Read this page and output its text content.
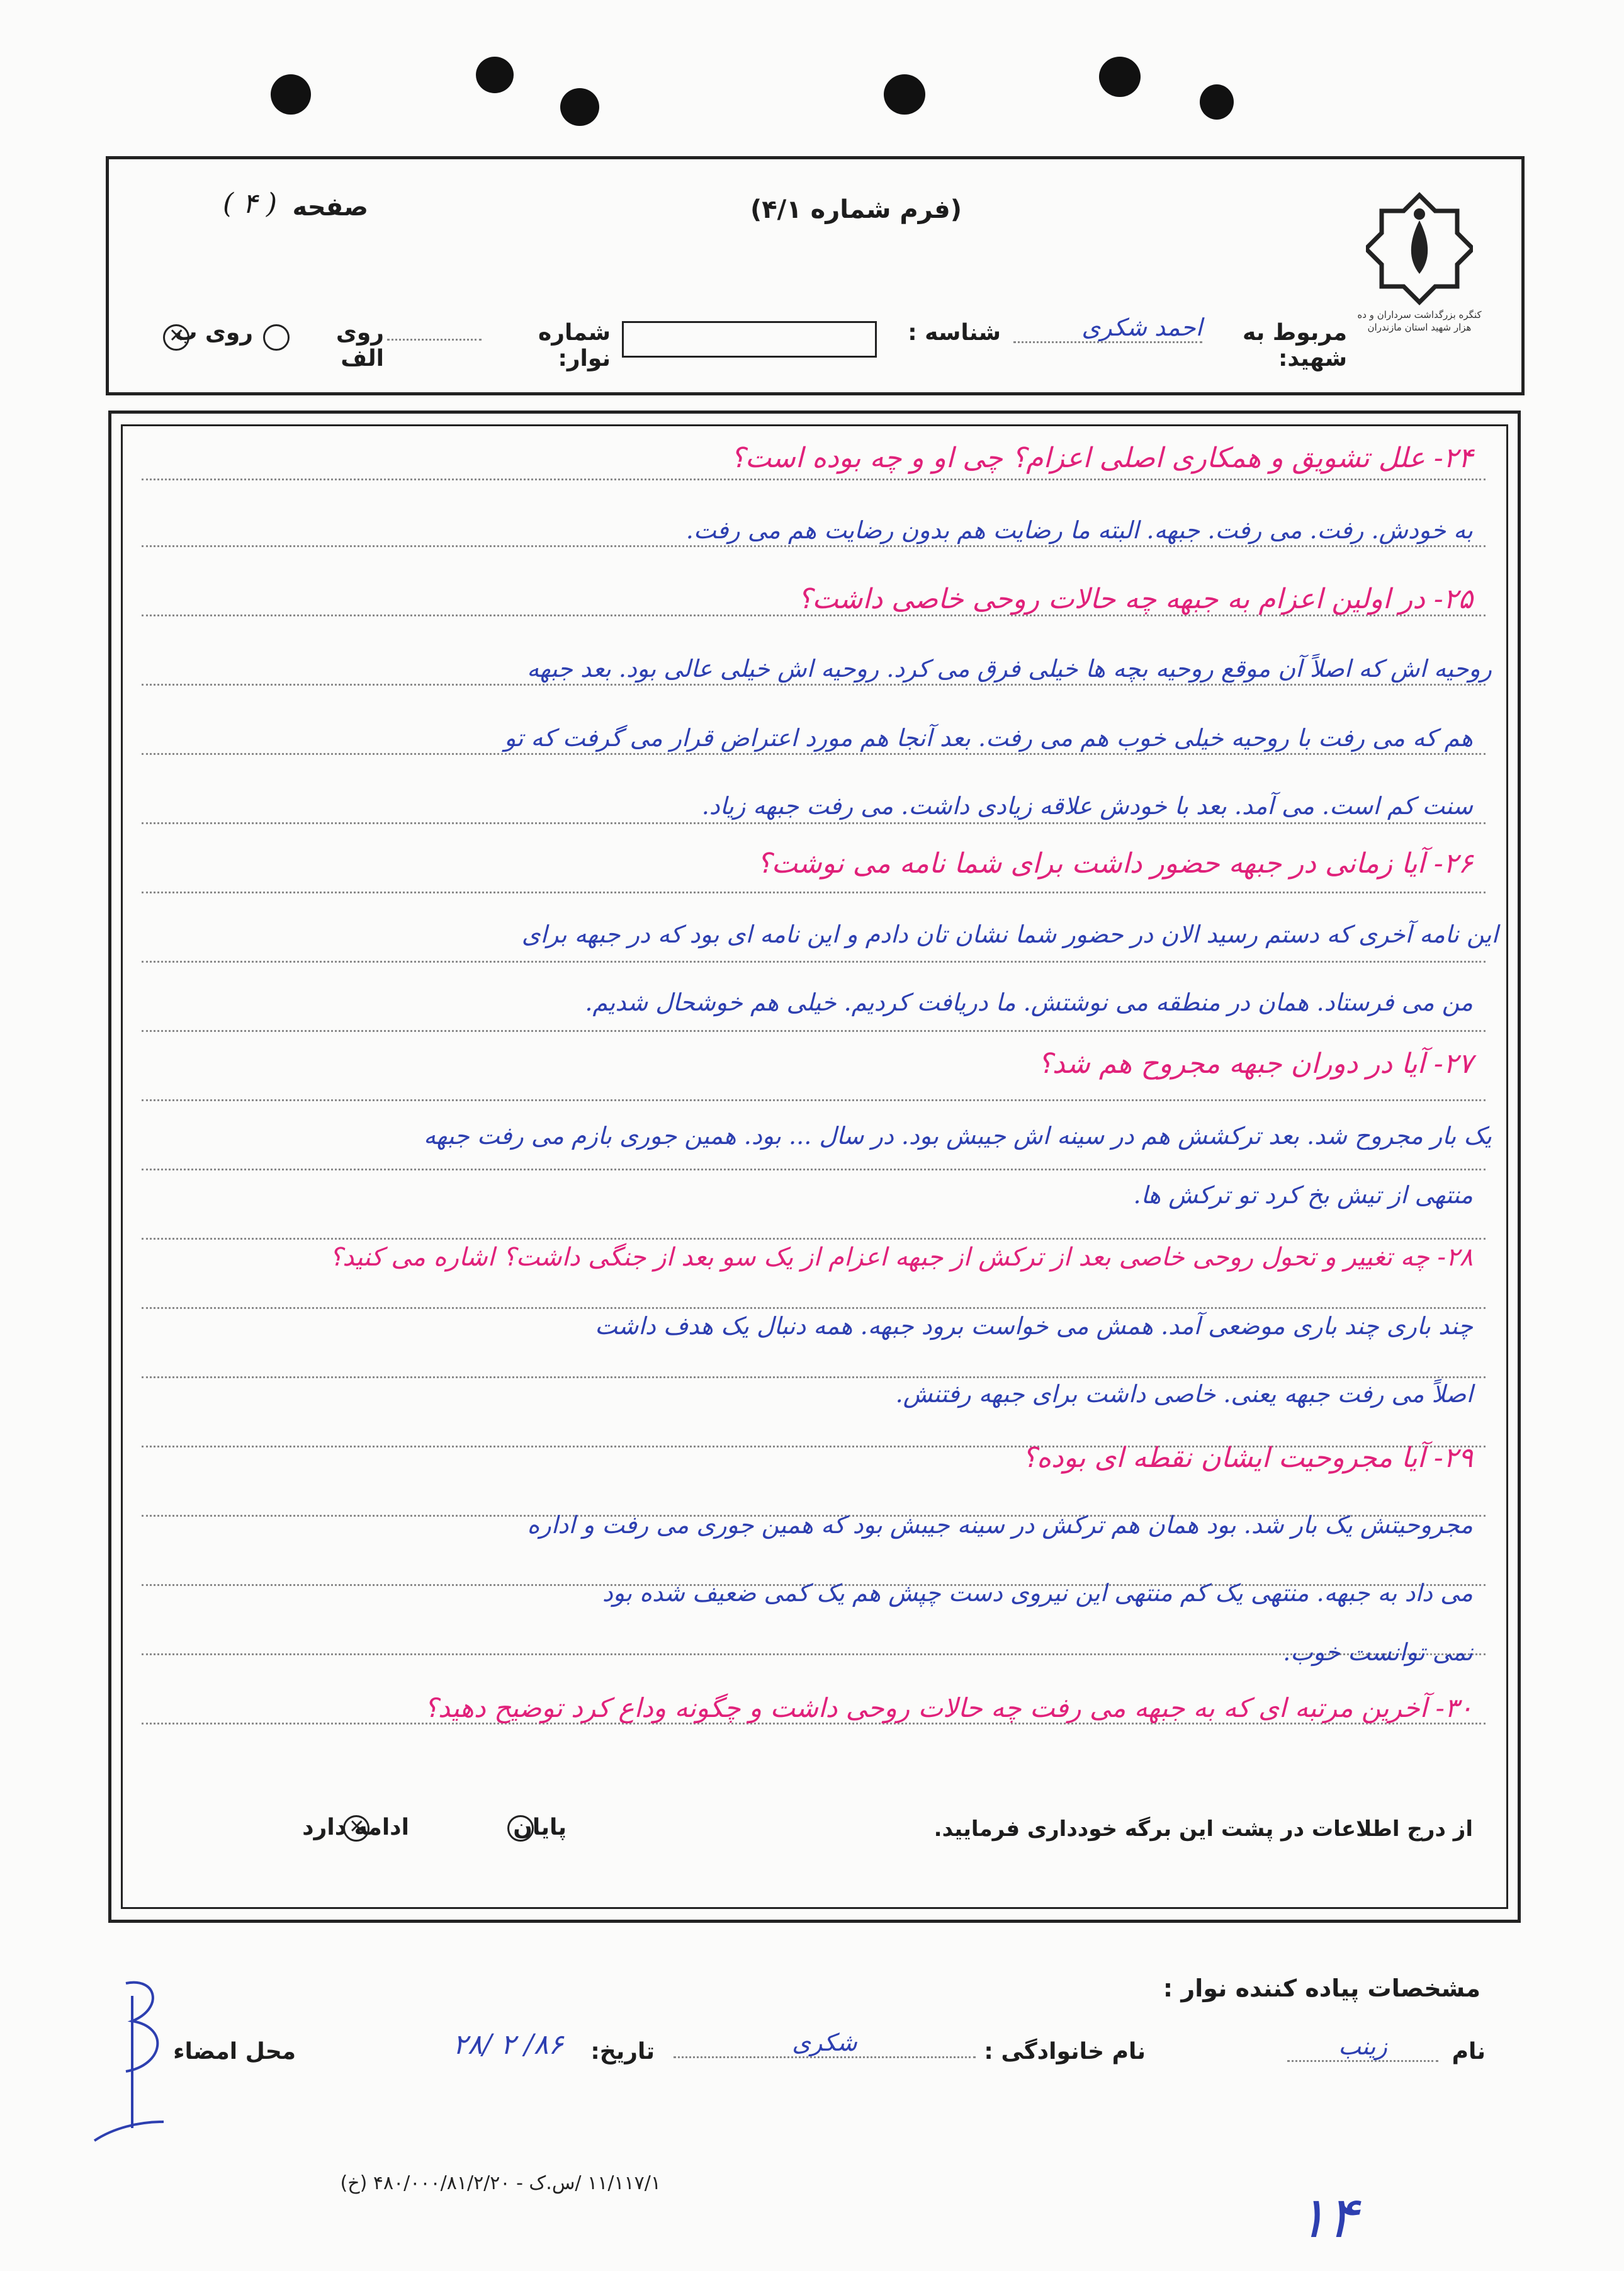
کنگره بزرگداشت سرداران و ده هزار شهید استان مازندران
(فرم شماره ۴/۱)
صفحه
( ۴ )
مربوط به شهید:
احمد شکری
شناسه :
شماره نوار:
روی الف

روی ب
✕
۲۴- علل تشویق و همکاری اصلی اعزام؟ چی او و چه بوده است؟
به خودش. رفت. می رفت. جبهه. البته ما رضایت هم بدون رضایت هم می رفت.
۲۵- در اولین اعزام به جبهه چه حالات روحی خاصی داشت؟
روحیه اش که اصلاً آن موقع روحیه بچه ها خیلی فرق می کرد. روحیه اش خیلی عالی بود. بعد جبهه
هم که می رفت با روحیه خیلی خوب هم می رفت. بعد آنجا هم مورد اعتراض قرار می گرفت که تو
سنت کم است. می آمد. بعد با خودش علاقه زیادی داشت. می رفت جبهه زیاد.
۲۶- آیا زمانی در جبهه حضور داشت برای شما نامه می نوشت؟
این نامه آخری که دستم رسید الان در حضور شما نشان تان دادم و این نامه ای بود که در جبهه برای
من می فرستاد. همان در منطقه می نوشتش. ما دریافت کردیم. خیلی هم خوشحال شدیم.
۲۷- آیا در دوران جبهه مجروح هم شد؟
یک بار مجروح شد. بعد ترکشش هم در سینه اش جیبش بود. در سال ... بود. همین جوری بازم می رفت جبهه
منتهی از تیش بخ کرد تو ترکش ها.
۲۸- چه تغییر و تحول روحی خاصی بعد از ترکش از جبهه اعزام از یک سو بعد از جنگی داشت؟ اشاره می کنید؟
چند باری چند باری موضعی آمد. همش می خواست برود جبهه. همه دنبال یک هدف داشت
اصلاً می رفت جبهه یعنی. خاصی داشت برای جبهه رفتنش.
۲۹- آیا مجروحیت ایشان نقطه ای بوده؟
مجروحیتش یک بار شد. بود همان هم ترکش در سینه جیبش بود که همین جوری می رفت و اداره
می داد به جبهه. منتهی یک کم منتهی این نیروی دست چپش هم یک کمی ضعیف شده بود
نمی توانست خوب.
۳۰- آخرین مرتبه ای که به جبهه می رفت چه حالات روحی داشت و چگونه وداع کرد توضیح دهید؟
از درج اطلاعات در پشت این برگه خودداری فرمایید.
پایان

ادامه دارد
✕
مشخصات پیاده کننده نوار :
نام
زینب
نام خانوادگی :
شکری
تاریخ:
۸۶/ ۲ /۲۸
محل امضاء
۱۱/۱۱۷/۱ /س.ک - ۴۸۰/۰۰۰/۸۱/۲/۲۰ (خ)
۱۴
